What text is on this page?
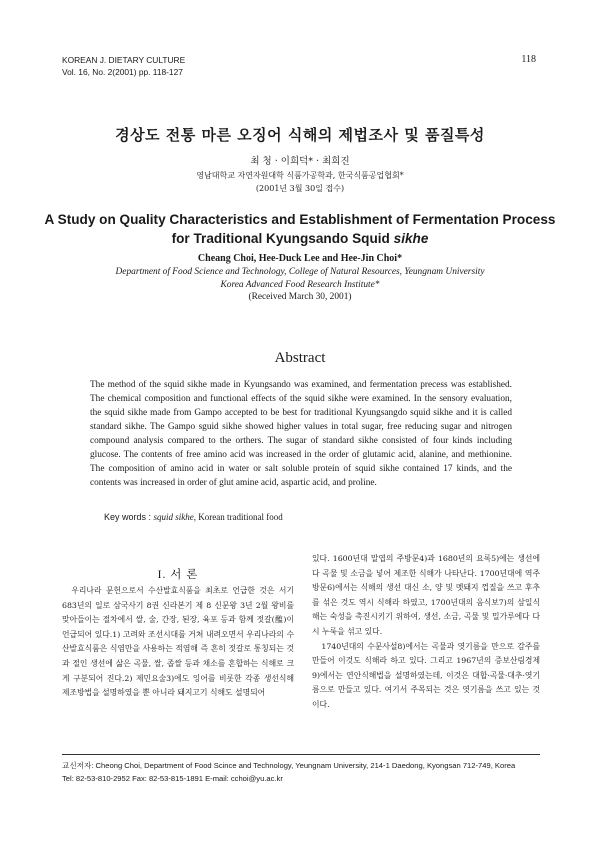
KOREAN J. DIETARY CULTURE
Vol. 16, No. 2(2001) pp. 118-127
118
경상도 전통 마른 오징어 식해의 제법조사 및 품질특성
최 청 · 이희덕* · 최희진
영남대학교 자연자원대학 식품가공학과, 한국식품공업협회*
(2001년 3월 30일 접수)
A Study on Quality Characteristics and Establishment of Fermentation Process
for Traditional Kyungsando Squid sikhe
Cheang Choi, Hee-Duck Lee and Hee-Jin Choi*
Department of Food Science and Technology, College of Natural Resources, Yeungnam University
Korea Advanced Food Research Institute*
(Received March 30, 2001)
Abstract
The method of the squid sikhe made in Kyungsando was examined, and fermentation precess was established. The chemical composition and functional effects of the squid sikhe were examined. In the sensory evaluation, the squid sikhe made from Gampo accepted to be best for traditional Kyungsangdo squid sikhe and it is called standard sikhe. The Gampo sguid sikhe showed higher values in total sugar, free reducing sugar and nitrogen compound analysis compared to the orthers. The sugar of standard sikhe consisted of four kinds including glucose. The contents of free amino acid was increased in the order of glutamic acid, alanine, and methionine. The composition of amino acid in water or salt soluble protein of squid sikhe contained 17 kinds, and the contents was increased in order of glut amine acid, aspartic acid, and proline.
Key words : squid sikhe, Korean traditional food
I. 서 론

우리나라 문헌으로서 수산발효식품을 최초로 언급한 것은 서기 683년의 일로 삼국사기 8권 신라본기 제 8 신문왕 3년 2월 왕비를 맞아들이는 절차에서 쌀, 술, 간장, 된장, 육포 등과 함께 젓갈(醢)이 언급되어 있다.1) 고려와 조선시대를 거쳐 내려오면서 우리나라의 수산발효식품은 식염만을 사용하는 적염해 즉 흔히 젓갈로 통칭되는 것과 절인 생선에 삶은 곡물, 쌀, 좁쌀 등과 채소를 혼합하는 식해로 크게 구분되어 진다.2) 제민요술3)에도 잉어를 비롯한 각종 생선식해 제조방법을 설명하였을 뿐 아니라 돼지고기 식해도 설명되어

있다. 1600년대 말엽의 주방문4)과 1680년의 요록5)에는 생선에다 곡물 및 소금을 넣어 제조한 식해가 나타난다. 1700년대에 역주방문6)에서는 식해의 생선 대신 소, 양 및 멧돼지 껍질을 쓰고 후추를 섞은 것도 역시 식해라 하였고, 1700년대의 음식보7)의 삼일식해는 숙성을 촉진시키기 위하여, 생선, 소금, 곡물 및 밀가루에다 다시 누룩을 섞고 있다.

1740년대의 수문사설8)에서는 곡물과 엿기름을 만으로 감주를 만들어 이것도 식해라 하고 있다. 그리고 1967년의 증보산림경제9)에서는 연안식해법을 설명하였는데, 이것은 대합·곡물·대추·엿기름으로 만들고 있다. 여기서 주목되는 것은 엿기름을 쓰고 있는 것이다.

교신저자: Cheong Choi, Department of Food Scince and Technology, Yeungnam University, 214-1 Daedong, Kyongsan 712-749, Korea
Tel: 82-53-810-2952 Fax: 82-53-815-1891 E-mail: cchoi@yu.ac.kr
